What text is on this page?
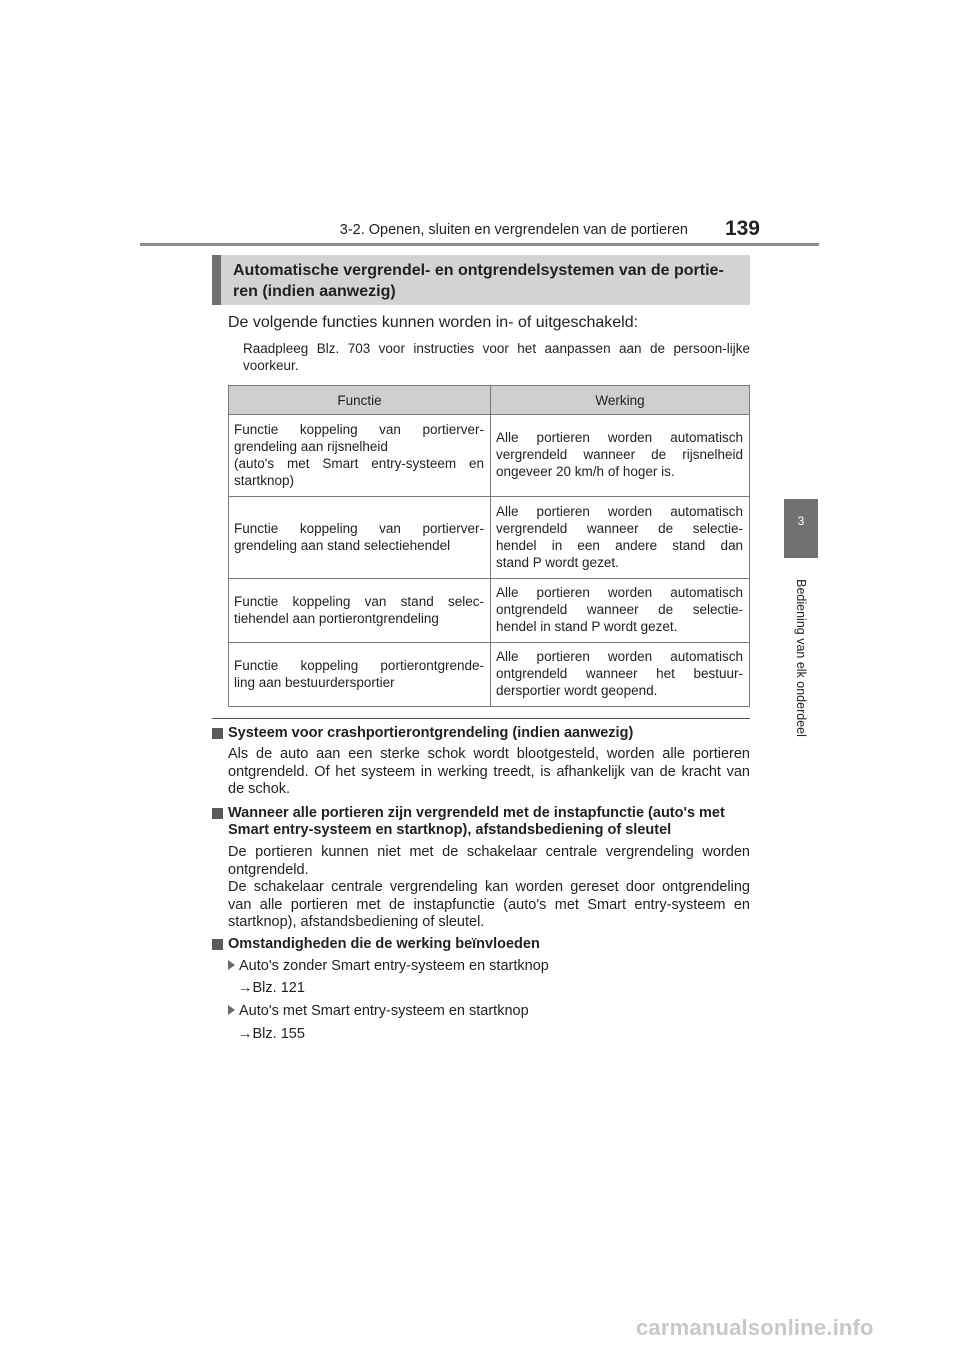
3-2. Openen, sluiten en vergrendelen van de portieren 139
3
Bediening van elk onderdeel
Automatische vergrendel- en ontgrendelsystemen van de portie-
ren (indien aanwezig)
De volgende functies kunnen worden in- of uitgeschakeld:
Raadpleeg Blz. 703 voor instructies voor het aanpassen aan de persoon-lijke voorkeur.
Functie	Werking

Functie koppeling van portierver-
grendeling aan rijsnelheid
(auto's met Smart entry-systeem en
startknop)	Alle portieren worden automatisch
vergrendeld wanneer de rijsnelheid
ongeveer 20 km/h of hoger is.

Functie koppeling van portierver-
grendeling aan stand selectiehendel	Alle portieren worden automatisch
vergrendeld wanneer de selectie-
hendel in een andere stand dan
stand P wordt gezet.

Functie koppeling van stand selec-
tiehendel aan portierontgrendeling	Alle portieren worden automatisch
ontgrendeld wanneer de selectie-
hendel in stand P wordt gezet.

Functie koppeling portierontgrende-
ling aan bestuurdersportier	Alle portieren worden automatisch
ontgrendeld wanneer het bestuur-
dersportier wordt geopend.
Systeem voor crashportierontgrendeling (indien aanwezig)
Als de auto aan een sterke schok wordt blootgesteld, worden alle portieren ontgrendeld. Of het systeem in werking treedt, is afhankelijk van de kracht van de schok.
Wanneer alle portieren zijn vergrendeld met de instapfunctie (auto's met
Smart entry-systeem en startknop), afstandsbediening of sleutel
De portieren kunnen niet met de schakelaar centrale vergrendeling worden ontgrendeld.
De schakelaar centrale vergrendeling kan worden gereset door ontgrendeling van alle portieren met de instapfunctie (auto's met Smart entry-systeem en startknop), afstandsbediening of sleutel.
Omstandigheden die de werking beïnvloeden
Auto's zonder Smart entry-systeem en startknop
→Blz. 121
Auto's met Smart entry-systeem en startknop
→Blz. 155
carmanualsonline.info
